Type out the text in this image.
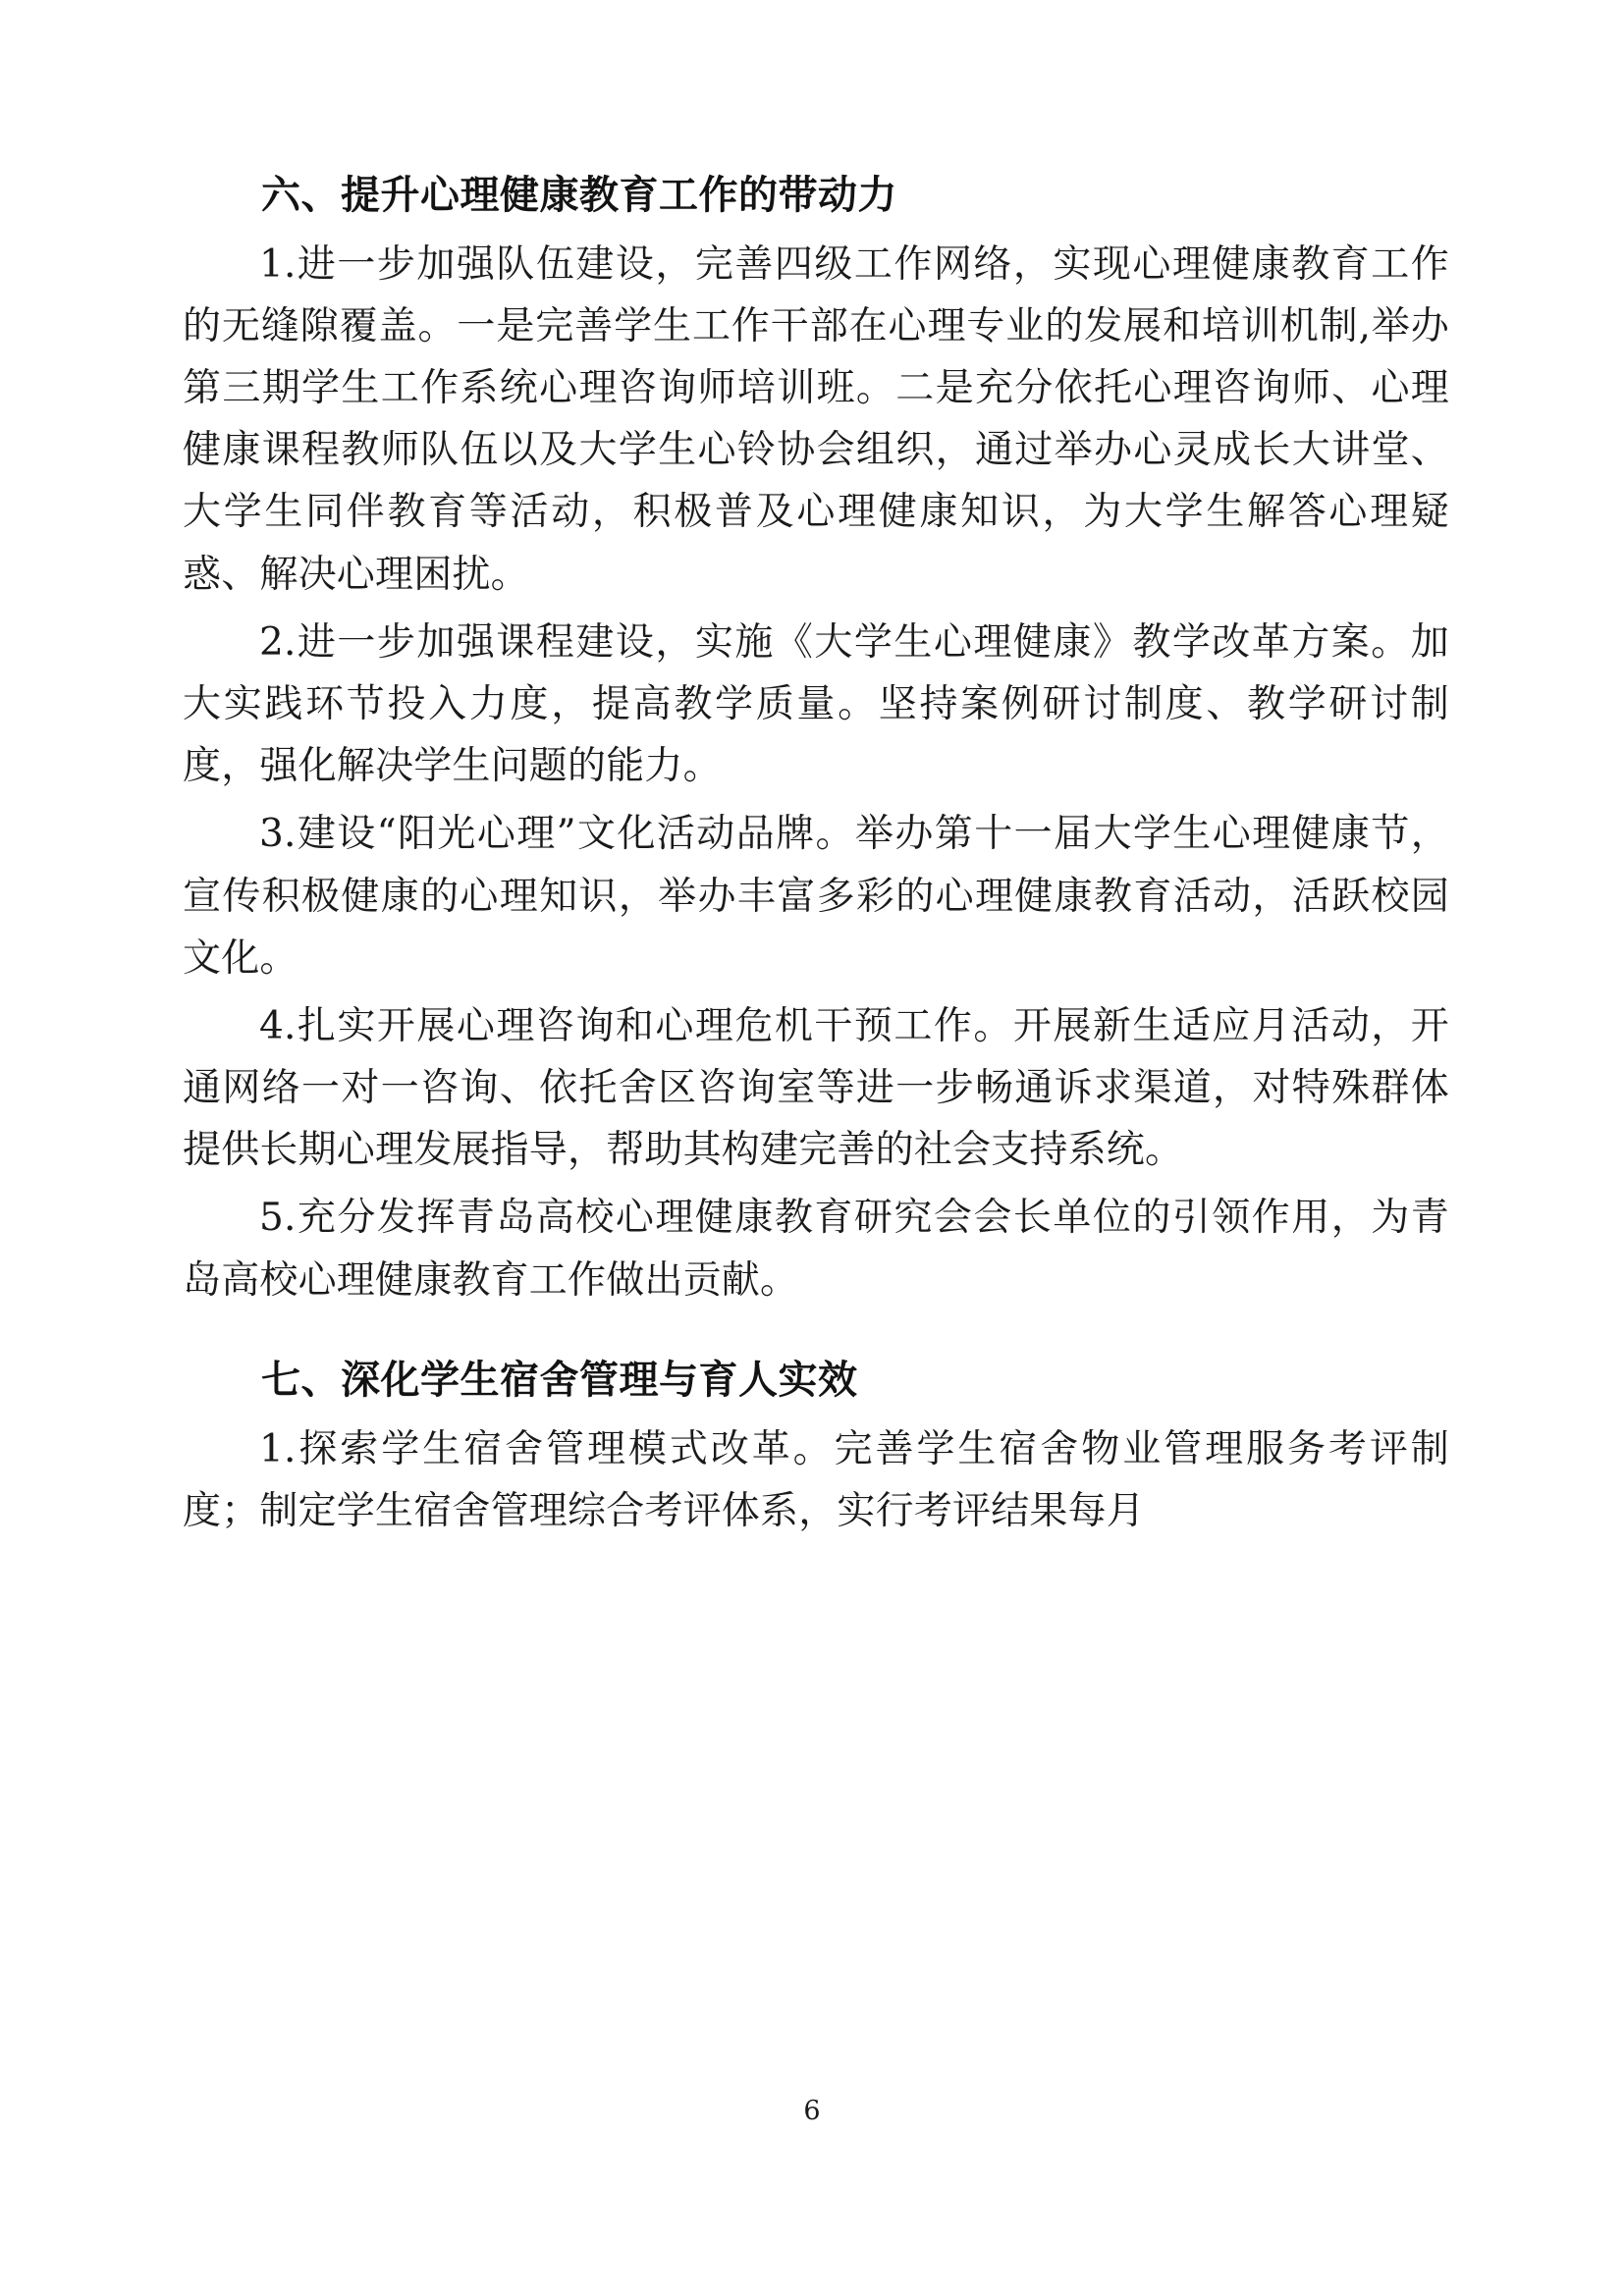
六、提升心理健康教育工作的带动力

1.进一步加强队伍建设，完善四级工作网络，实现心理健康教育工作的无缝隙覆盖。一是完善学生工作干部在心理专业的发展和培训机制,举办第三期学生工作系统心理咨询师培训班。二是充分依托心理咨询师、心理健康课程教师队伍以及大学生心铃协会组织，通过举办心灵成长大讲堂、大学生同伴教育等活动，积极普及心理健康知识，为大学生解答心理疑惑、解决心理困扰。

2.进一步加强课程建设，实施《大学生心理健康》教学改革方案。加大实践环节投入力度，提高教学质量。坚持案例研讨制度、教学研讨制度，强化解决学生问题的能力。

3.建设“阳光心理”文化活动品牌。举办第十一届大学生心理健康节，宣传积极健康的心理知识，举办丰富多彩的心理健康教育活动，活跃校园文化。

4.扎实开展心理咨询和心理危机干预工作。开展新生适应月活动，开通网络一对一咨询、依托舍区咨询室等进一步畅通诉求渠道，对特殊群体提供长期心理发展指导，帮助其构建完善的社会支持系统。

5.充分发挥青岛高校心理健康教育研究会会长单位的引领作用，为青岛高校心理健康教育工作做出贡献。

七、深化学生宿舍管理与育人实效

1.探索学生宿舍管理模式改革。完善学生宿舍物业管理服务考评制度；制定学生宿舍管理综合考评体系，实行考评结果每月

6
